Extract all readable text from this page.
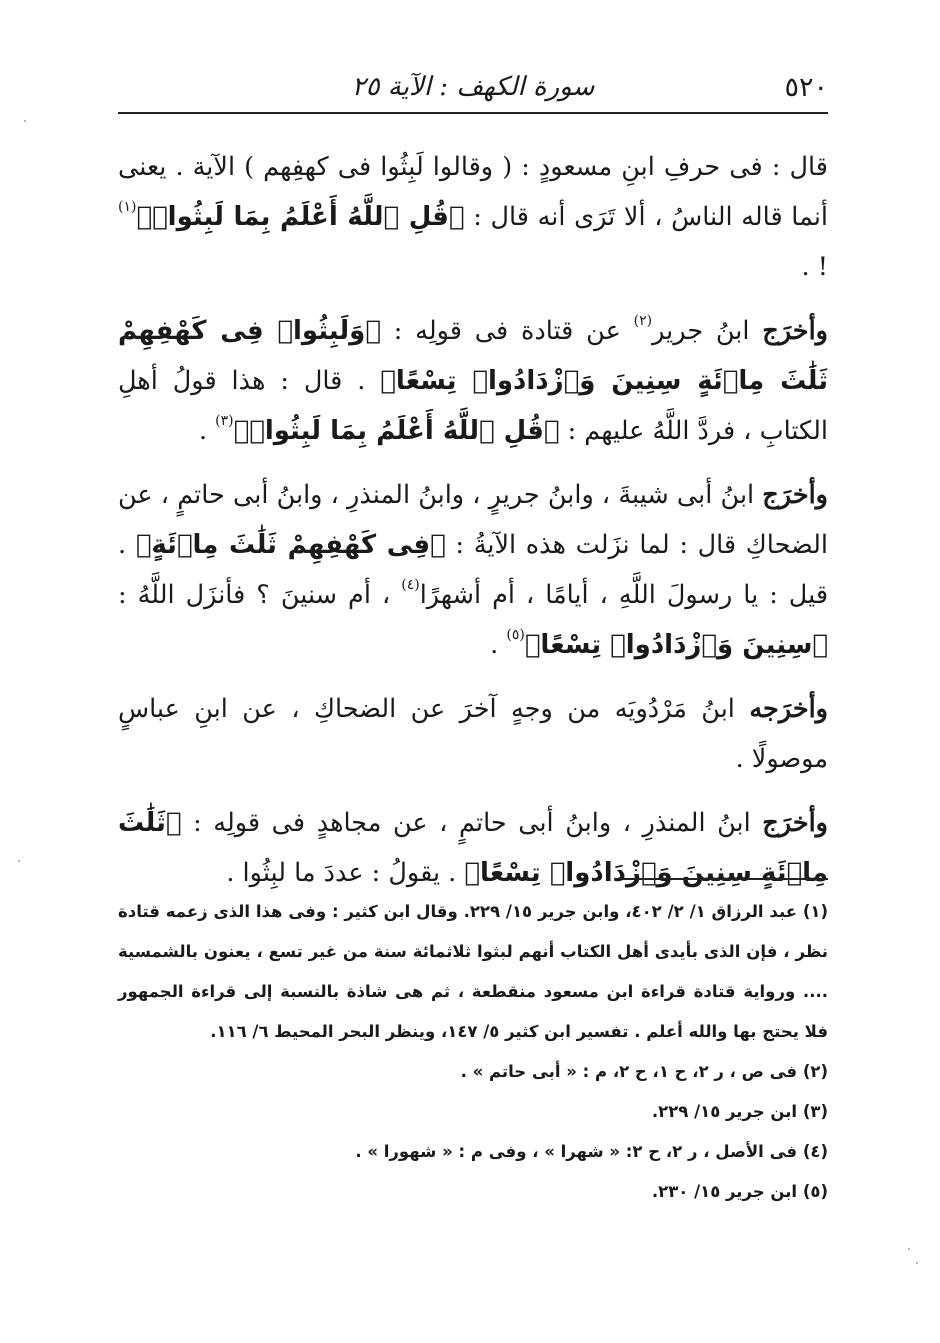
٥٢٠
سورة الكهف : الآية ٢٥

قال : فى حرفِ ابنِ مسعودٍ : ( وقالوا لَبِثُوا فى كهفِهم ) الآية . يعنى أنما قاله الناسُ ، ألا تَرَى أنه قال : ﴿قُلِ ٱللَّهُ أَعْلَمُ بِمَا لَبِثُوا۟﴾$^{(١)}$ ! .

وأخرَج ابنُ جرير$^{(٢)}$ عن قتادة فى قولِه : ﴿وَلَبِثُوا۟ فِى كَهْفِهِمْ ثَلَٰثَ مِا۟ئَةٍ سِنِينَ وَٱزْدَادُوا۟ تِسْعًا﴾ . قال : هذا قولُ أهلِ الكتابِ ، فردَّ اللَّهُ عليهم : ﴿قُلِ ٱللَّهُ أَعْلَمُ بِمَا لَبِثُوا۟﴾$^{(٣)}$ .

وأخرَج ابنُ أبى شيبةَ ، وابنُ جريرٍ ، وابنُ المنذرِ ، وابنُ أبى حاتمٍ ، عن الضحاكِ قال : لما نزَلت هذه الآيةُ : ﴿فِى كَهْفِهِمْ ثَلَٰثَ مِا۟ئَةٍ﴾ . قيل : يا رسولَ اللَّهِ ، أيامًا ، أم أشهرًا$^{(٤)}$ ، أم سنينَ ؟ فأنزَل اللَّهُ : ﴿سِنِينَ وَٱزْدَادُوا۟ تِسْعًا﴾$^{(٥)}$ .

وأخرَجه ابنُ مَرْدُويَه من وجهٍ آخرَ عن الضحاكِ ، عن ابنِ عباسٍ موصولًا .

وأخرَج ابنُ المنذرِ ، وابنُ أبى حاتمٍ ، عن مجاهدٍ فى قولِه : ﴿ثَلَٰثَ مِا۟ئَةٍ سِنِينَ وَٱزْدَادُوا۟ تِسْعًا﴾ . يقولُ : عددَ ما لبِثُوا .

(١) عبد الرزاق ١/ ٢/ ٤٠٢، وابن جرير ١٥/ ٢٢٩. وقال ابن كثير : وفى هذا الذى زعمه قتادة نظر ، فإن الذى بأيدى أهل الكتاب أنهم لبثوا ثلاثمائة سنة من غير تسع ، يعنون بالشمسية .... ورواية قتادة قراءة ابن مسعود منقطعة ، ثم هى شاذة بالنسبة إلى قراءة الجمهور فلا يحتج بها والله أعلم . تفسير ابن كثير ٥/ ١٤٧، وينظر البحر المحيط ٦/ ١١٦.

(٢) فى ص ، ر ٢، ح ١، ح ٢، م : « أبى حاتم » .

(٣) ابن جرير ١٥/ ٢٢٩.

(٤) فى الأصل ، ر ٢، ح ٢: « شهرا » ، وفى م : « شهورا » .

(٥) ابن جرير ١٥/ ٢٣٠.
